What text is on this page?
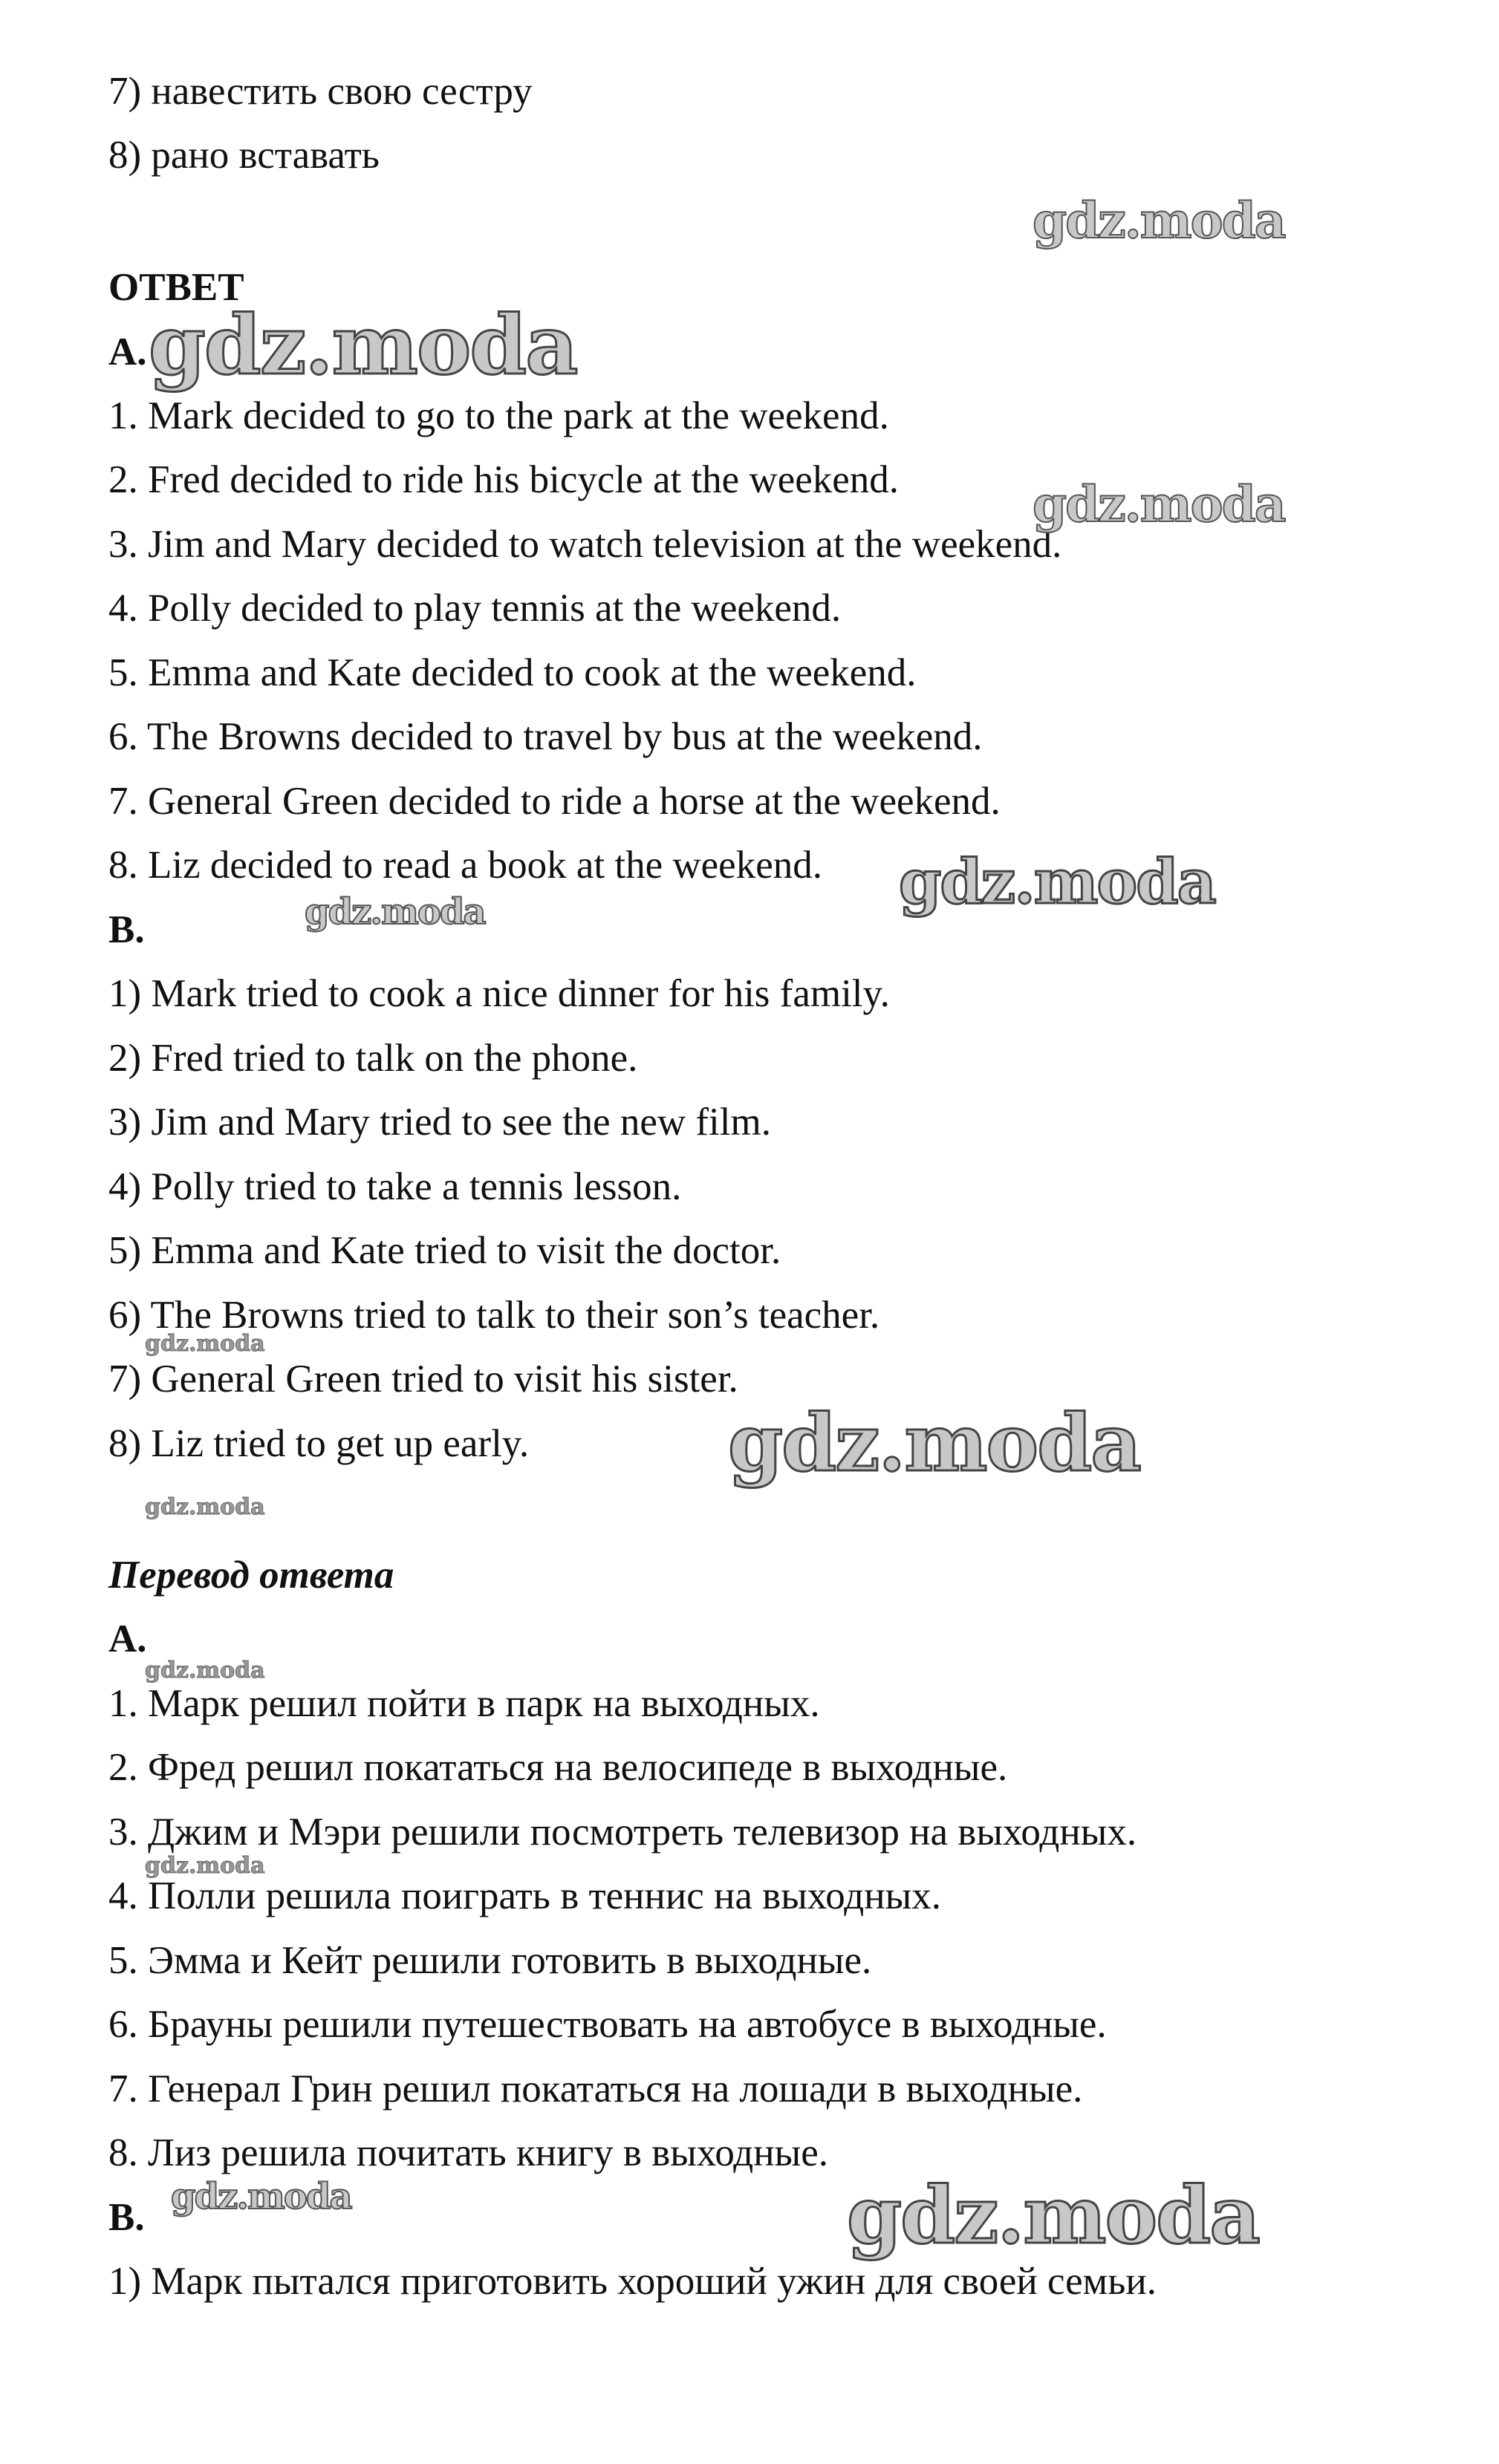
7) навестить свою сестру
8) рано вставать
ОТВЕТ
A.
1. Mark decided to go to the park at the weekend.
2. Fred decided to ride his bicycle at the weekend.
3. Jim and Mary decided to watch television at the weekend.
4. Polly decided to play tennis at the weekend.
5. Emma and Kate decided to cook at the weekend.
6. The Browns decided to travel by bus at the weekend.
7. General Green decided to ride a horse at the weekend.
8. Liz decided to read a book at the weekend.
B.
1) Mark tried to cook a nice dinner for his family.
2) Fred tried to talk on the phone.
3) Jim and Mary tried to see the new film.
4) Polly tried to take a tennis lesson.
5) Emma and Kate tried to visit the doctor.
6) The Browns tried to talk to their son’s teacher.
7) General Green tried to visit his sister.
8) Liz tried to get up early.
Перевод ответа
A.
1. Марк решил пойти в парк на выходных.
2. Фред решил покататься на велосипеде в выходные.
3. Джим и Мэри решили посмотреть телевизор на выходных.
4. Полли решила поиграть в теннис на выходных.
5. Эмма и Кейт решили готовить в выходные.
6. Брауны решили путешествовать на автобусе в выходные.
7. Генерал Грин решил покататься на лошади в выходные.
8. Лиз решила почитать книгу в выходные.
B.
1) Марк пытался приготовить хороший ужин для своей семьи.
gdz.moda
gdz.moda
gdz.moda
gdz.moda
gdz.moda
gdz.moda
gdz.moda
gdz.moda
gdz.moda
gdz.moda
gdz.moda	gdz.moda
